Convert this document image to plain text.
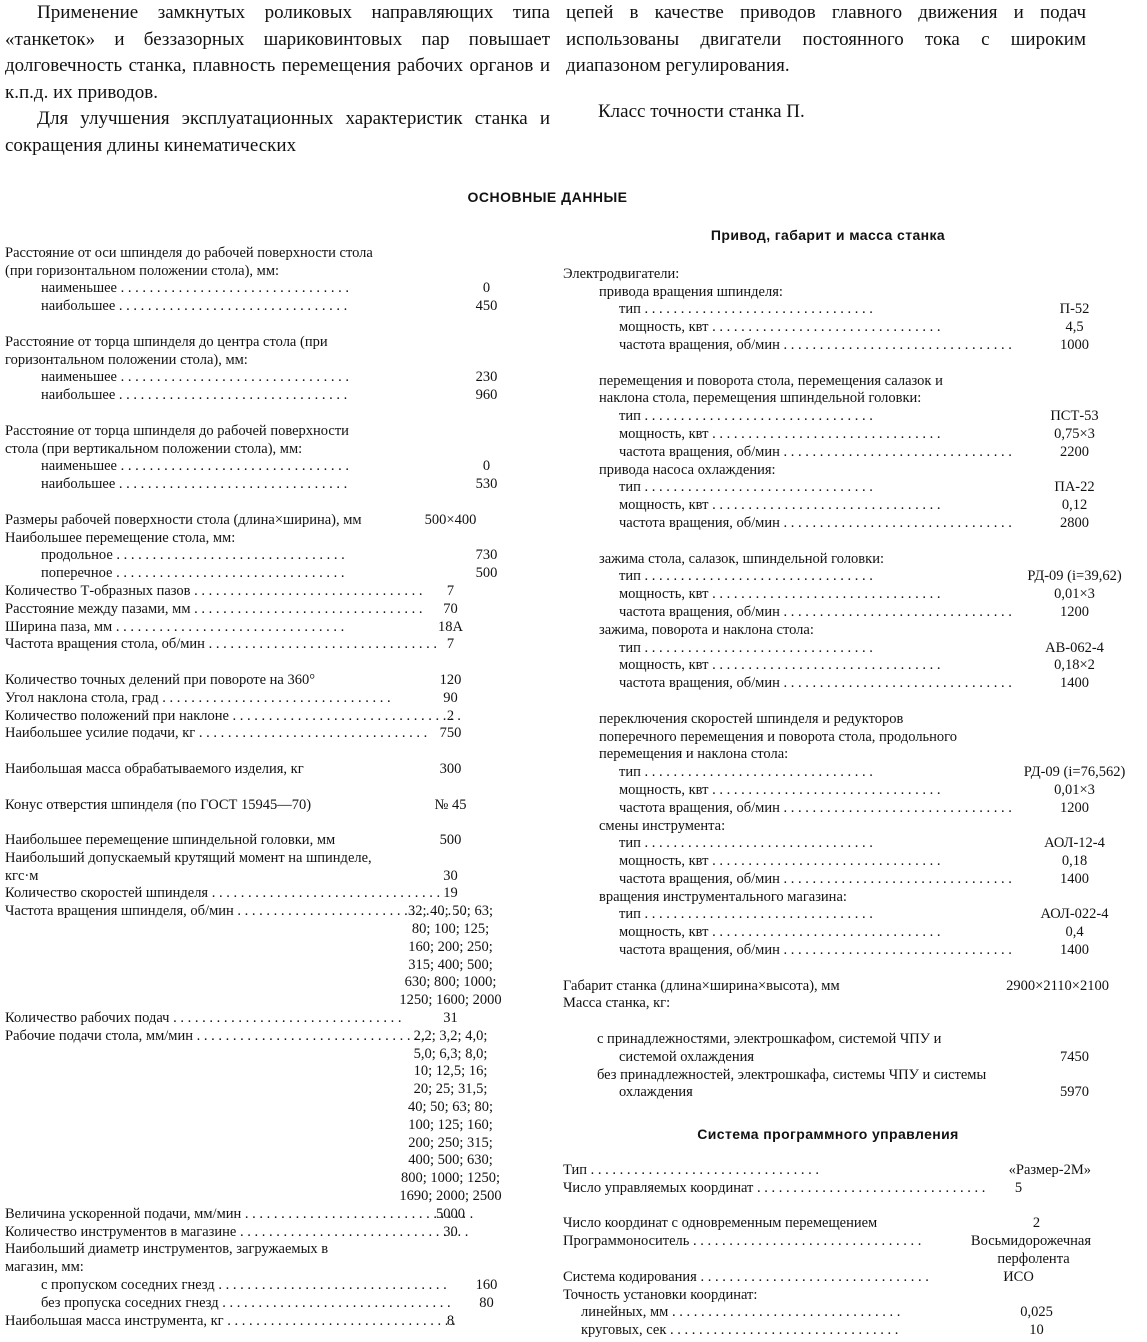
Применение замкнутых роликовых направляющих типа «танкеток» и беззазорных шариковинтовых пар повышает долговечность станка, плавность перемещения рабочих органов и к.п.д. их приводов.

Для улучшения эксплуатационных характеристик станка и сокращения длины кинематических

цепей в качестве приводов главного движения и подач использованы двигатели постоянного тока с широким диапазоном регулирования.

Класс точности станка П.

ОСНОВНЫЕ ДАННЫЕ
Расстояние от оси шпинделя до рабочей поверхности стола (при горизонтальном положении стола), мм:
наименьшее . . .	0
наибольшее . . .	450
Расстояние от торца шпинделя до центра стола (при горизонтальном положении стола), мм:
наименьшее . . .	230
наибольшее . . .	960
Расстояние от торца шпинделя до рабочей поверхности стола (при вертикальном положении стола), мм:
наименьшее . . .	0
наибольшее . . .	530
Размеры рабочей поверхности стола (длина×ширина), мм	500×400
Наибольшее перемещение стола, мм:
продольное . . .	730
поперечное . . .	500
Количество Т-образных пазов . . .	7
Расстояние между пазами, мм . . .	70
Ширина паза, мм . . .	18А
Частота вращения стола, об/мин . . .	7
Количество точных делений при повороте на 360°	120
Угол наклона стола, град . . .	90
Количество положений при наклоне . . .	2
Наибольшее усилие подачи, кг . . .	750
Наибольшая масса обрабатываемого изделия, кг	300
Конус отверстия шпинделя (по ГОСТ 15945—70)	№ 45
Наибольшее перемещение шпиндельной головки, мм	500
Наибольший допускаемый крутящий момент на шпинделе, кгс·м	30
Количество скоростей шпинделя . . .	19
Частота вращения шпинделя, об/мин . . .	32; 40; 50; 63;
80; 100; 125;
160; 200; 250;
315; 400; 500;
630; 800; 1000;
1250; 1600; 2000
Количество рабочих подач . . .	31
Рабочие подачи стола, мм/мин . . .	2,2; 3,2; 4,0;
5,0; 6,3; 8,0;
10; 12,5; 16;
20; 25; 31,5;
40; 50; 63; 80;
100; 125; 160;
200; 250; 315;
400; 500; 630;
800; 1000; 1250;
1690; 2000; 2500
Величина ускоренной подачи, мм/мин . . .	5000
Количество инструментов в магазине . . .	30
Наибольший диаметр инструментов, загружаемых в магазин, мм:
с пропуском соседних гнезд . . .	160
без пропуска соседних гнезд . . .	80
Наибольшая масса инструмента, кг . . .	8
Привод, габарит и масса станка
Электродвигатели:
привода вращения шпинделя:
тип . . .	П-52
мощность, квт . . .	4,5
частота вращения, об/мин . . .	1000
перемещения и поворота стола, перемещения салазок и наклона стола, перемещения шпиндельной головки:
тип . . .	ПСТ-53
мощность, квт . . .	0,75×3
частота вращения, об/мин . . .	2200
привода насоса охлаждения:
тип . . .	ПА-22
мощность, квт . . .	0,12
частота вращения, об/мин . . .	2800
зажима стола, салазок, шпиндельной головки:
тип . . .	РД-09 (i=39,62)
мощность, квт . . .	0,01×3
частота вращения, об/мин . . .	1200
зажима, поворота и наклона стола:
тип . . .	АВ-062-4
мощность, квт . . .	0,18×2
частота вращения, об/мин . . .	1400
переключения скоростей шпинделя и редукторов поперечного перемещения и поворота стола, продольного перемещения и наклона стола:
тип . . .	РД-09 (i=76,562)
мощность, квт . . .	0,01×3
частота вращения, об/мин . . .	1200
смены инструмента:
тип . . .	АОЛ-12-4
мощность, квт . . .	0,18
частота вращения, об/мин . . .	1400
вращения инструментального магазина:
тип . . .	АОЛ-022-4
мощность, квт . . .	0,4
частота вращения, об/мин . . .	1400
Габарит станка (длина×ширина×высота), мм	2900×2110×2100
Масса станка, кг:
с принадлежностями, электрошкафом, системой ЧПУ и системой охлаждения	7450
без принадлежностей, электрошкафа, системы ЧПУ и системы охлаждения	5970
Система программного управления
Тип . . .	«Размер-2М»
Число управляемых координат . . .	5
Число координат с одновременным перемещением	2
Программоноситель . . .	Восьмидорожечная
перфолента
Система кодирования . . .	ИСО
Точность установки координат:
линейных, мм . . .	0,025
круговых, сек . . .	10
